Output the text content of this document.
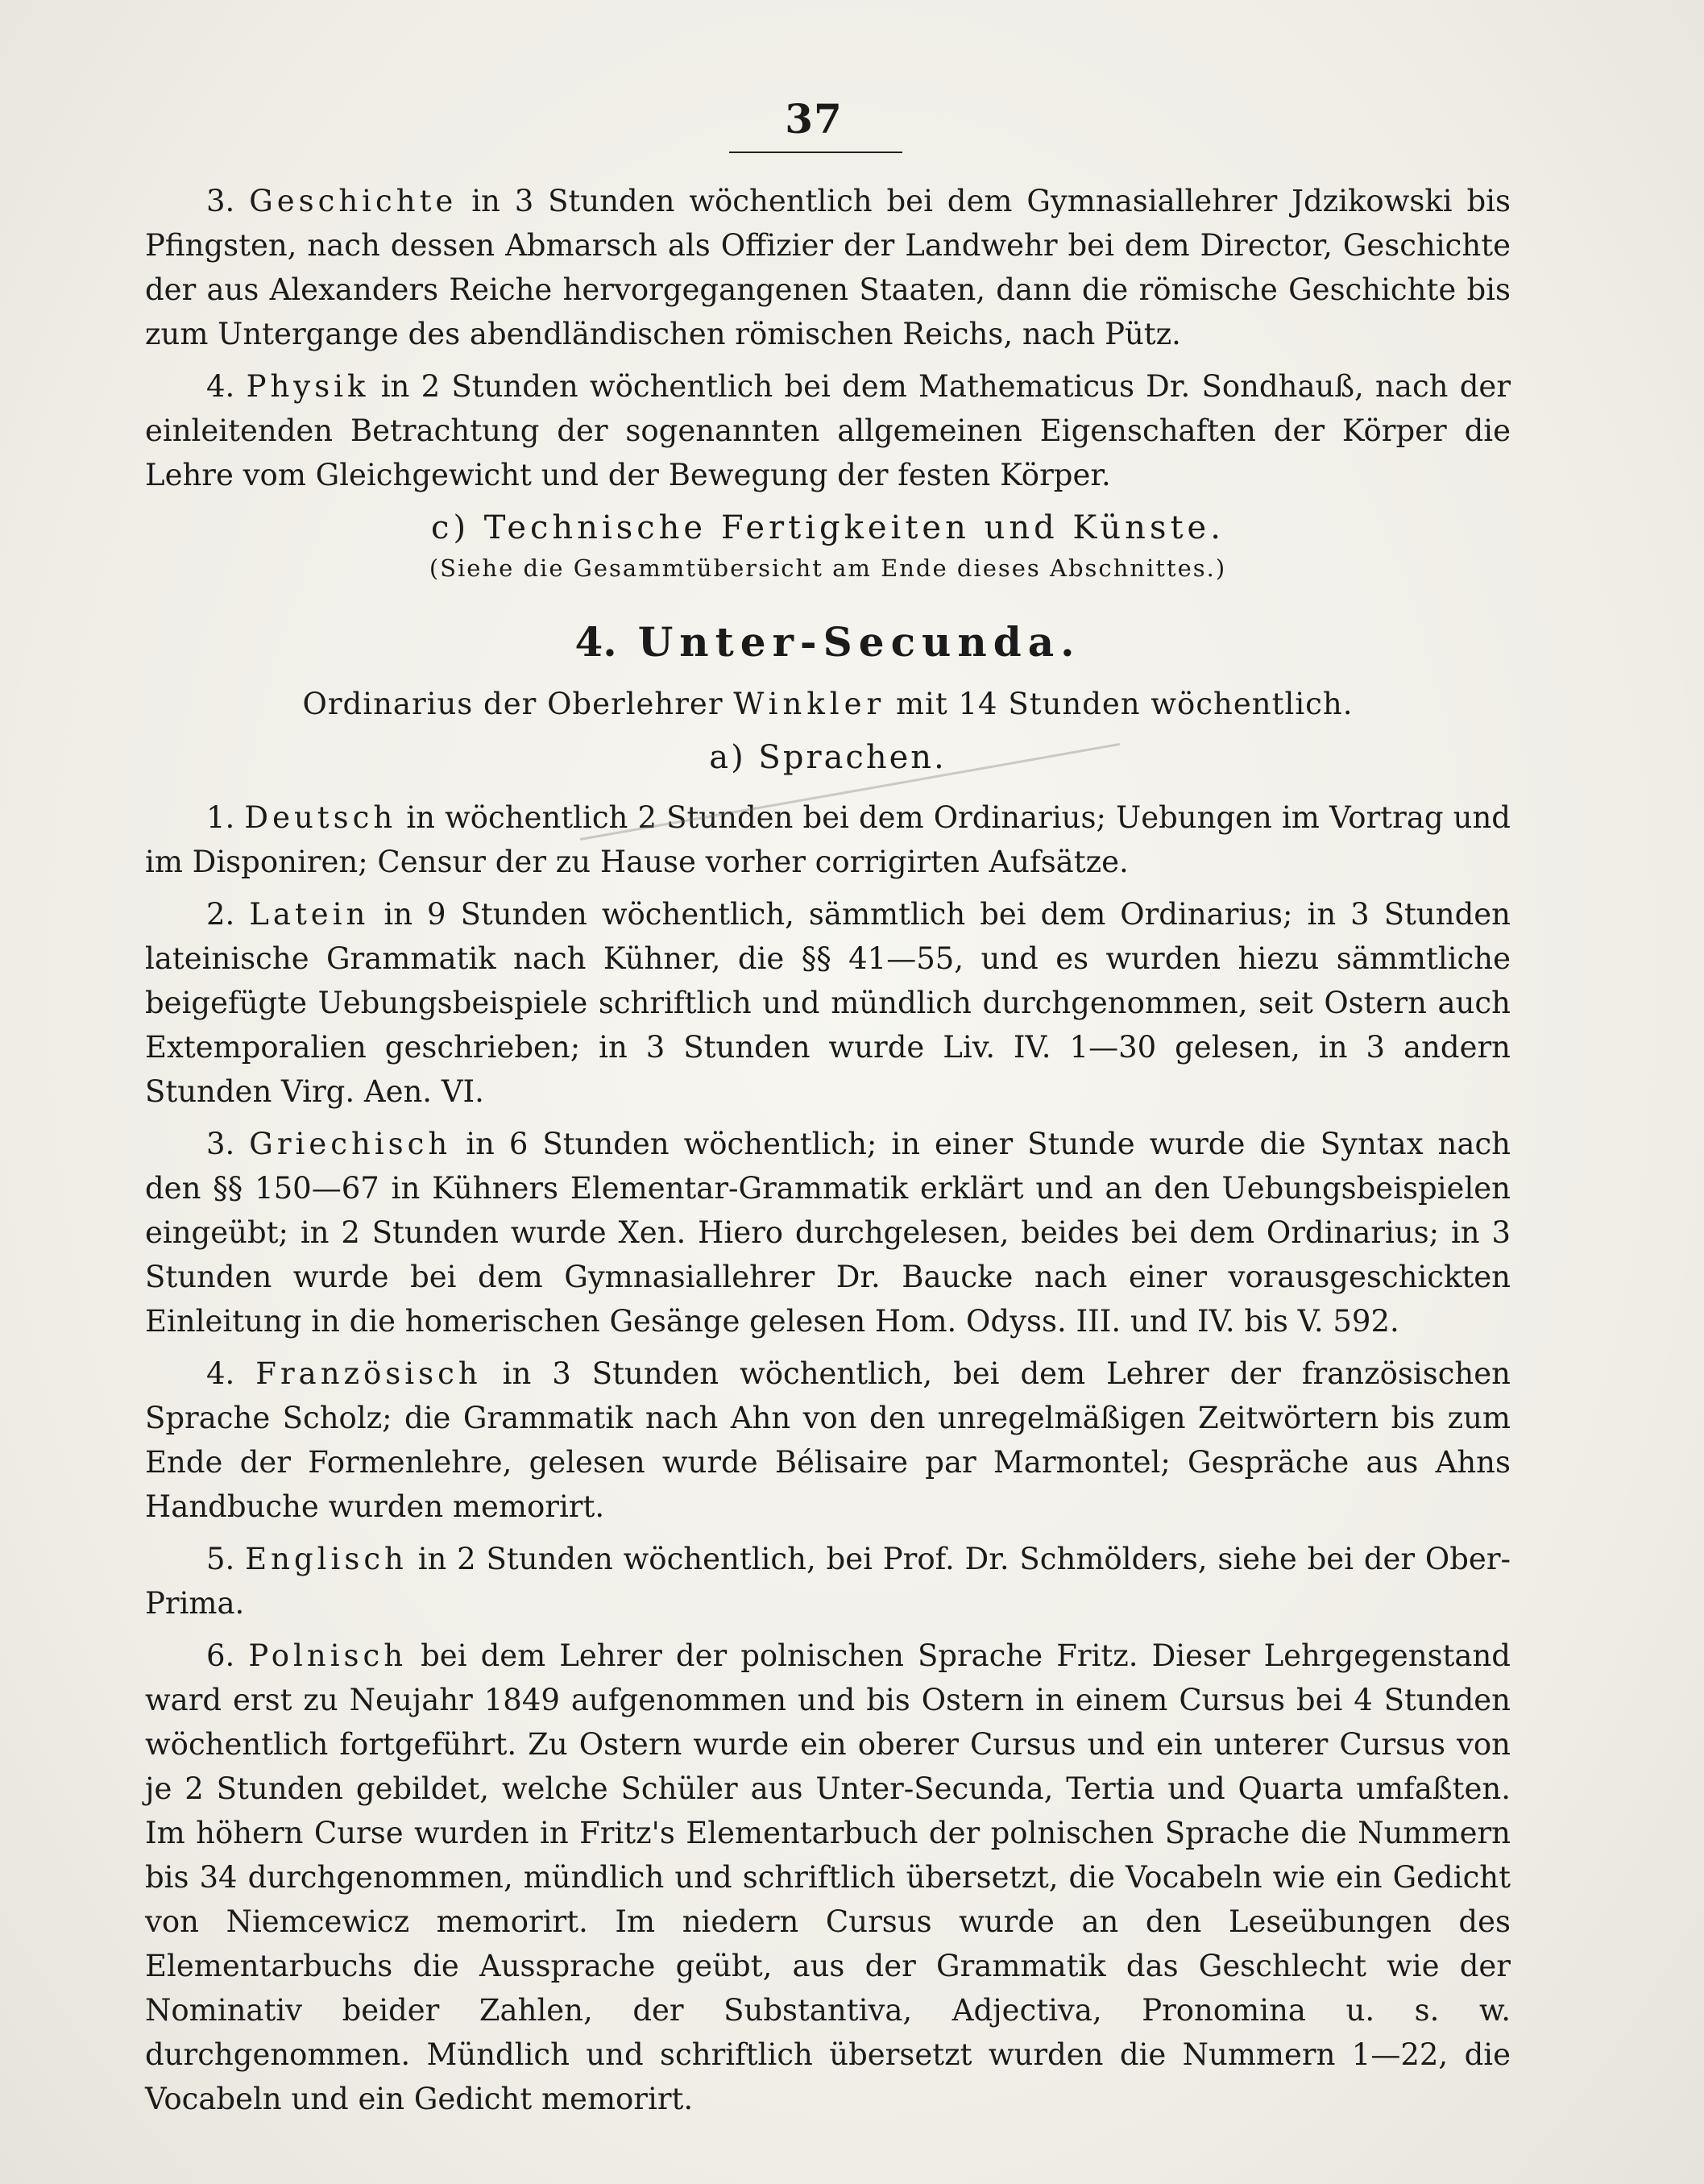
37

3. Geschichte in 3 Stunden wöchentlich bei dem Gymnasiallehrer Jdzikowski bis Pfingsten, nach dessen Abmarsch als Offizier der Landwehr bei dem Director, Geschichte der aus Alexanders Reiche hervorgegangenen Staaten, dann die römische Geschichte bis zum Untergange des abendländischen römischen Reichs, nach Pütz.

4. Physik in 2 Stunden wöchentlich bei dem Mathematicus Dr. Sondhauß, nach der einleitenden Betrachtung der sogenannten allgemeinen Eigenschaften der Körper die Lehre vom Gleichgewicht und der Bewegung der festen Körper.

c) Technische Fertigkeiten und Künste.
(Siehe die Gesammtübersicht am Ende dieses Abschnittes.)
4. Unter-Secunda.
Ordinarius der Oberlehrer Winkler mit 14 Stunden wöchentlich.
a) Sprachen.

1. Deutsch in wöchentlich 2 Stunden bei dem Ordinarius; Uebungen im Vortrag und im Disponiren; Censur der zu Hause vorher corrigirten Aufsätze.

2. Latein in 9 Stunden wöchentlich, sämmtlich bei dem Ordinarius; in 3 Stunden lateinische Grammatik nach Kühner, die §§ 41—55, und es wurden hiezu sämmtliche beigefügte Uebungsbeispiele schriftlich und mündlich durchgenommen, seit Ostern auch Extemporalien geschrieben; in 3 Stunden wurde Liv. IV. 1—30 gelesen, in 3 andern Stunden Virg. Aen. VI.

3. Griechisch in 6 Stunden wöchentlich; in einer Stunde wurde die Syntax nach den §§ 150—67 in Kühners Elementar-Grammatik erklärt und an den Uebungsbeispielen eingeübt; in 2 Stunden wurde Xen. Hiero durchgelesen, beides bei dem Ordinarius; in 3 Stunden wurde bei dem Gymnasiallehrer Dr. Baucke nach einer vorausgeschickten Einleitung in die homerischen Gesänge gelesen Hom. Odyss. III. und IV. bis V. 592.

4. Französisch in 3 Stunden wöchentlich, bei dem Lehrer der französischen Sprache Scholz; die Grammatik nach Ahn von den unregelmäßigen Zeitwörtern bis zum Ende der Formenlehre, gelesen wurde Bélisaire par Marmontel; Gespräche aus Ahns Handbuche wurden memorirt.

5. Englisch in 2 Stunden wöchentlich, bei Prof. Dr. Schmölders, siehe bei der Ober-Prima.

6. Polnisch bei dem Lehrer der polnischen Sprache Fritz. Dieser Lehrgegenstand ward erst zu Neujahr 1849 aufgenommen und bis Ostern in einem Cursus bei 4 Stunden wöchentlich fortgeführt. Zu Ostern wurde ein oberer Cursus und ein unterer Cursus von je 2 Stunden gebildet, welche Schüler aus Unter-Secunda, Tertia und Quarta umfaßten. Im höhern Curse wurden in Fritz's Elementarbuch der polnischen Sprache die Nummern bis 34 durchgenommen, mündlich und schriftlich übersetzt, die Vocabeln wie ein Gedicht von Niemcewicz memorirt. Im niedern Cursus wurde an den Leseübungen des Elementarbuchs die Aussprache geübt, aus der Grammatik das Geschlecht wie der Nominativ beider Zahlen, der Substantiva, Adjectiva, Pronomina u. s. w. durchgenommen. Mündlich und schriftlich übersetzt wurden die Nummern 1—22, die Vocabeln und ein Gedicht memorirt.
